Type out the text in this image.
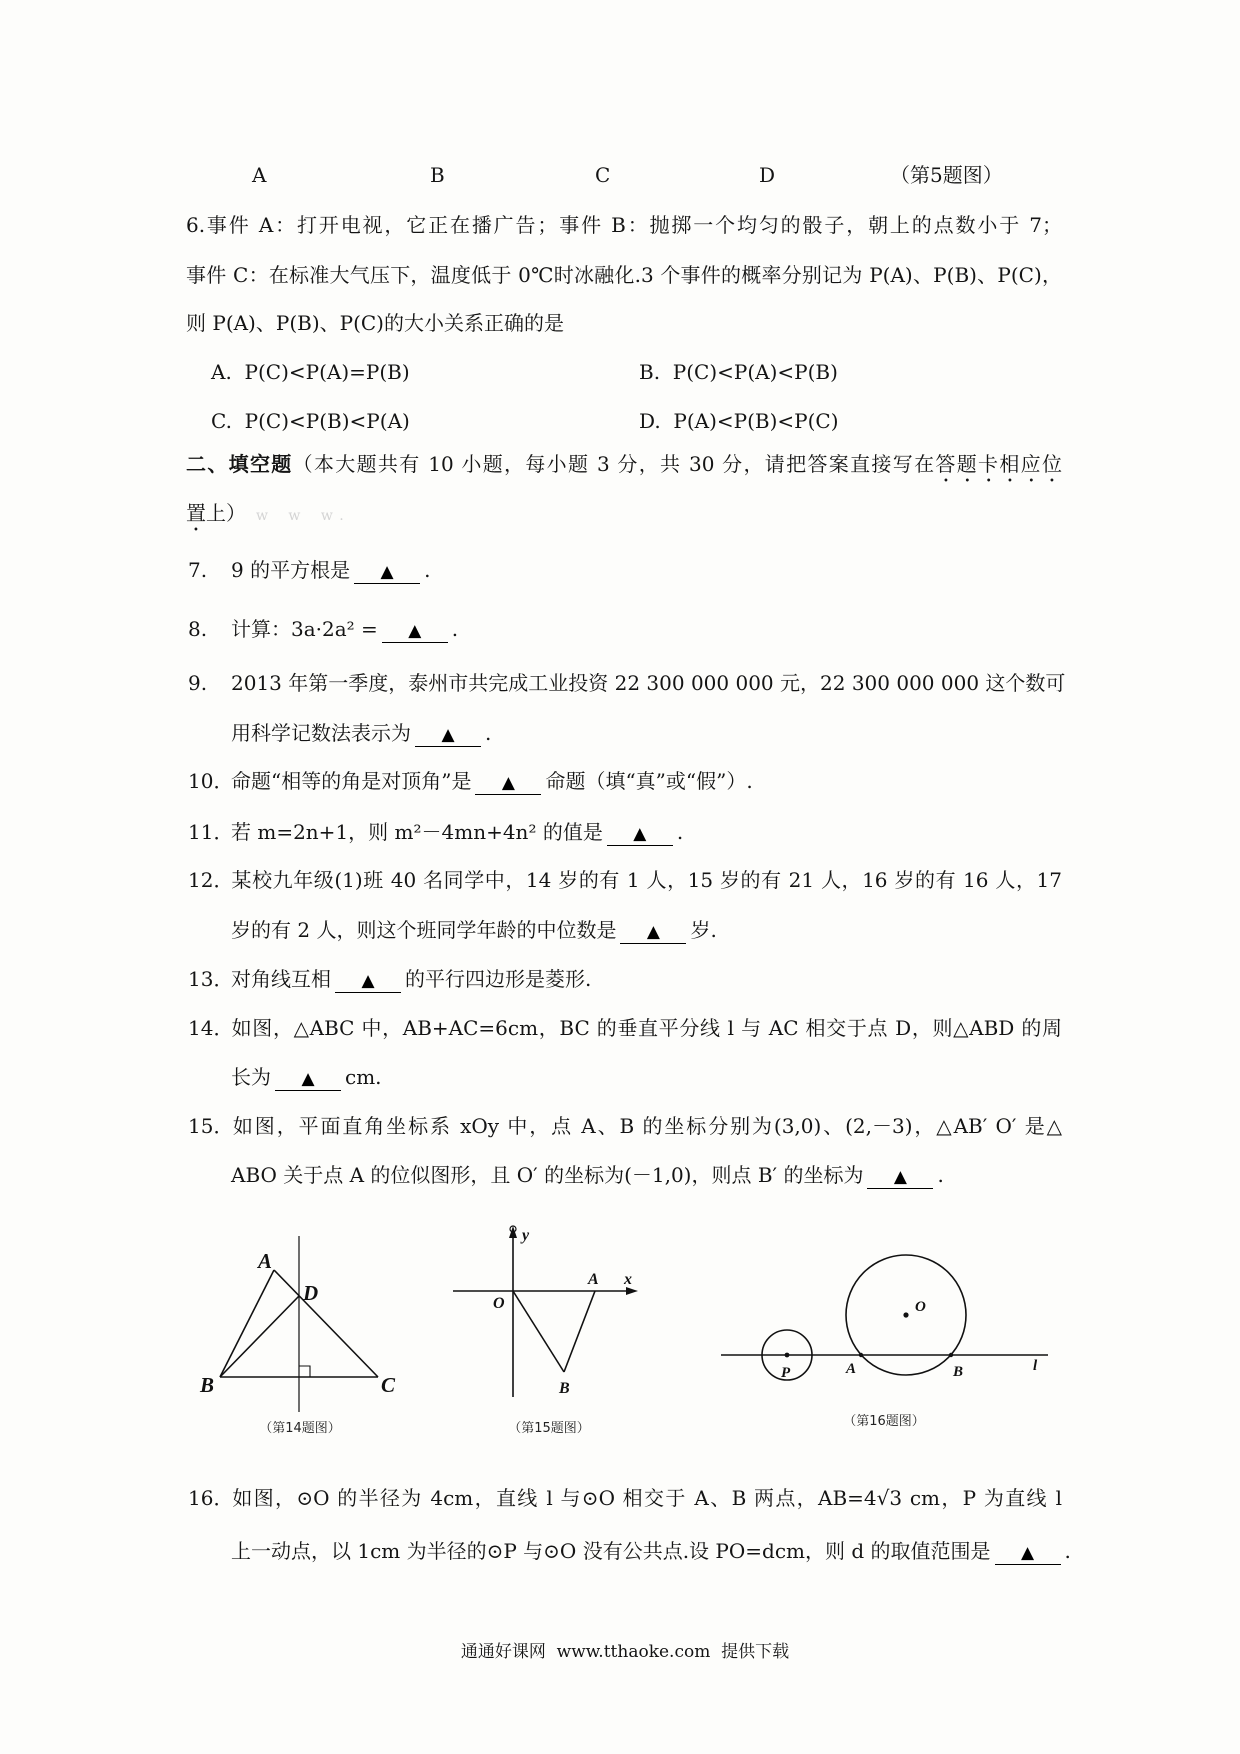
A	B	C	D	（第5题图）
6.事件 A：打开电视，它正在播广告；事件 B：抛掷一个均匀的骰子，朝上的点数小于 7；
事件 C：在标准大气压下，温度低于 0℃时冰融化.3 个事件的概率分别记为 P(A)、P(B)、P(C)，
则 P(A)、P(B)、P(C)的大小关系正确的是
A.  P(C)<P(A)=P(B)	B.  P(C)<P(A)<P(B)
C.  P(C)<P(B)<P(A)	D.  P(A)<P(B)<P(C)
二、填空题（本大题共有 10 小题，每小题 3 分，共 30 分，请把答案直接写在答题卡相应位
置上） w w w.
7. 9 的平方根是 ▲ .
8. 计算：3a·2a² = ▲ .
9. 2013 年第一季度，泰州市共完成工业投资 22 300 000 000 元，22 300 000 000 这个数可
用科学记数法表示为 ▲ .
10．命题“相等的角是对顶角”是 ▲ 命题（填“真”或“假”）.
11．若 m=2n+1，则 m²－4mn+4n² 的值是 ▲ .
12．某校九年级(1)班 40 名同学中，14 岁的有 1 人，15 岁的有 21 人，16 岁的有 16 人，17
岁的有 2 人，则这个班同学年龄的中位数是 ▲ 岁.
13．对角线互相 ▲ 的平行四边形是菱形.
14．如图，△ABC 中，AB+AC=6cm，BC 的垂直平分线 l 与 AC 相交于点 D，则△ABD 的周
长为 ▲ cm.
15．如图，平面直角坐标系 xOy 中，点 A、B 的坐标分别为(3,0)、(2,－3)，△AB′ O′ 是△
ABO 关于点 A 的位似图形，且 O′ 的坐标为(－1,0)，则点 B′ 的坐标为 ▲ .
A
D
B	C
（第14题图）
y
x
O
A
B
（第15题图）
O
P	A	B	l
（第16题图）
16．如图，⊙O 的半径为 4cm，直线 l 与⊙O 相交于 A、B 两点，AB=4√3 cm，P 为直线 l
上一动点，以 1cm 为半径的⊙P 与⊙O 没有公共点.设 PO=dcm，则 d 的取值范围是 ▲ .
通通好课网  www.tthaoke.com  提供下载
